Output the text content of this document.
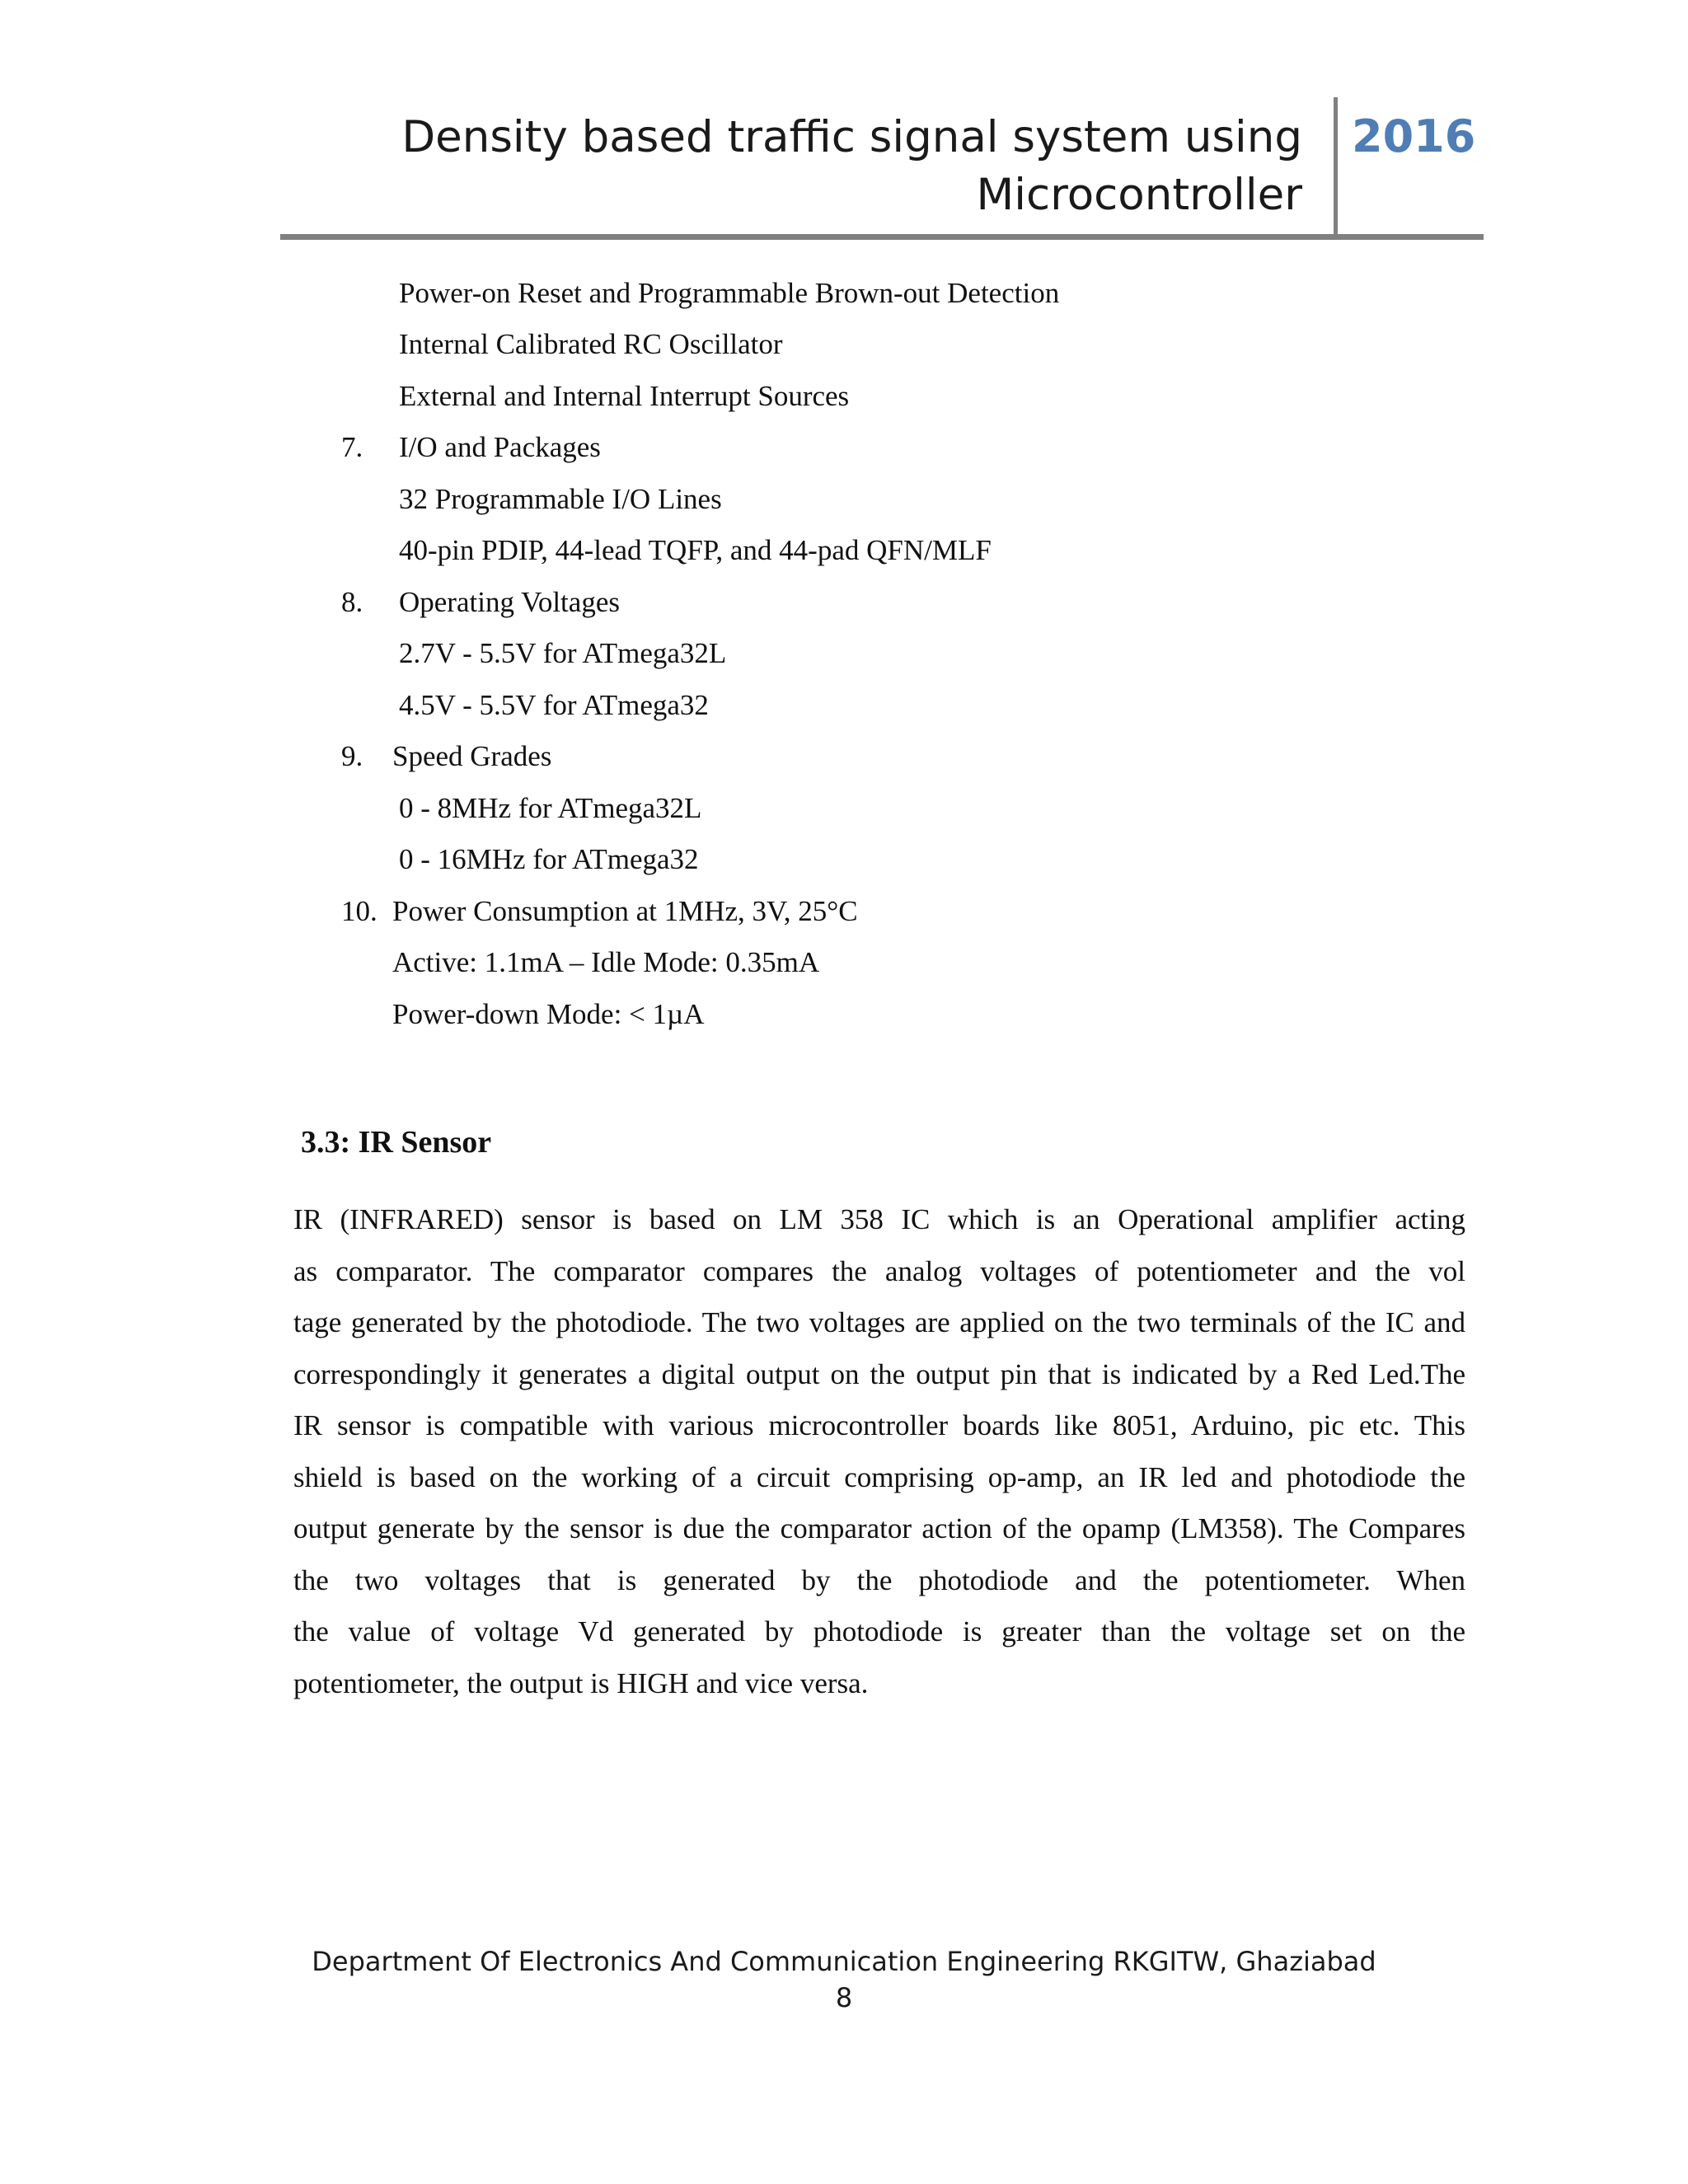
Density based traffic signal system using
Microcontroller
2016
Power-on Reset and Programmable Brown-out Detection
Internal Calibrated RC Oscillator
External and Internal Interrupt Sources
7. I/O and Packages
32 Programmable I/O Lines
40-pin PDIP, 44-lead TQFP, and 44-pad QFN/MLF
8. Operating Voltages
2.7V - 5.5V for ATmega32L
4.5V - 5.5V for ATmega32
9. Speed Grades
0 - 8MHz for ATmega32L
0 - 16MHz for ATmega32
10. Power Consumption at 1MHz, 3V, 25°C
Active: 1.1mA – Idle Mode: 0.35mA
Power-down Mode: < 1µA
3.3: IR Sensor
IR (INFRARED) sensor is based on LM 358 IC which is an Operational amplifier acting
as comparator. The comparator compares the analog voltages of potentiometer and the vol
tage generated by the photodiode. The two voltages are applied on the two terminals of the IC and
correspondingly it generates a digital output on the output pin that is indicated by a Red Led.The
IR sensor is compatible with various microcontroller boards like 8051, Arduino, pic etc. This
shield is based on the working of a circuit comprising op-amp, an IR led and photodiode the
output generate by the sensor is due the comparator action of the opamp (LM358). The Compares
the two voltages that is generated by the photodiode and the potentiometer. When
the value of voltage Vd generated by photodiode is greater than the voltage set on the
potentiometer, the output is HIGH and vice versa.
Department Of Electronics And Communication Engineering RKGITW, Ghaziabad
8
